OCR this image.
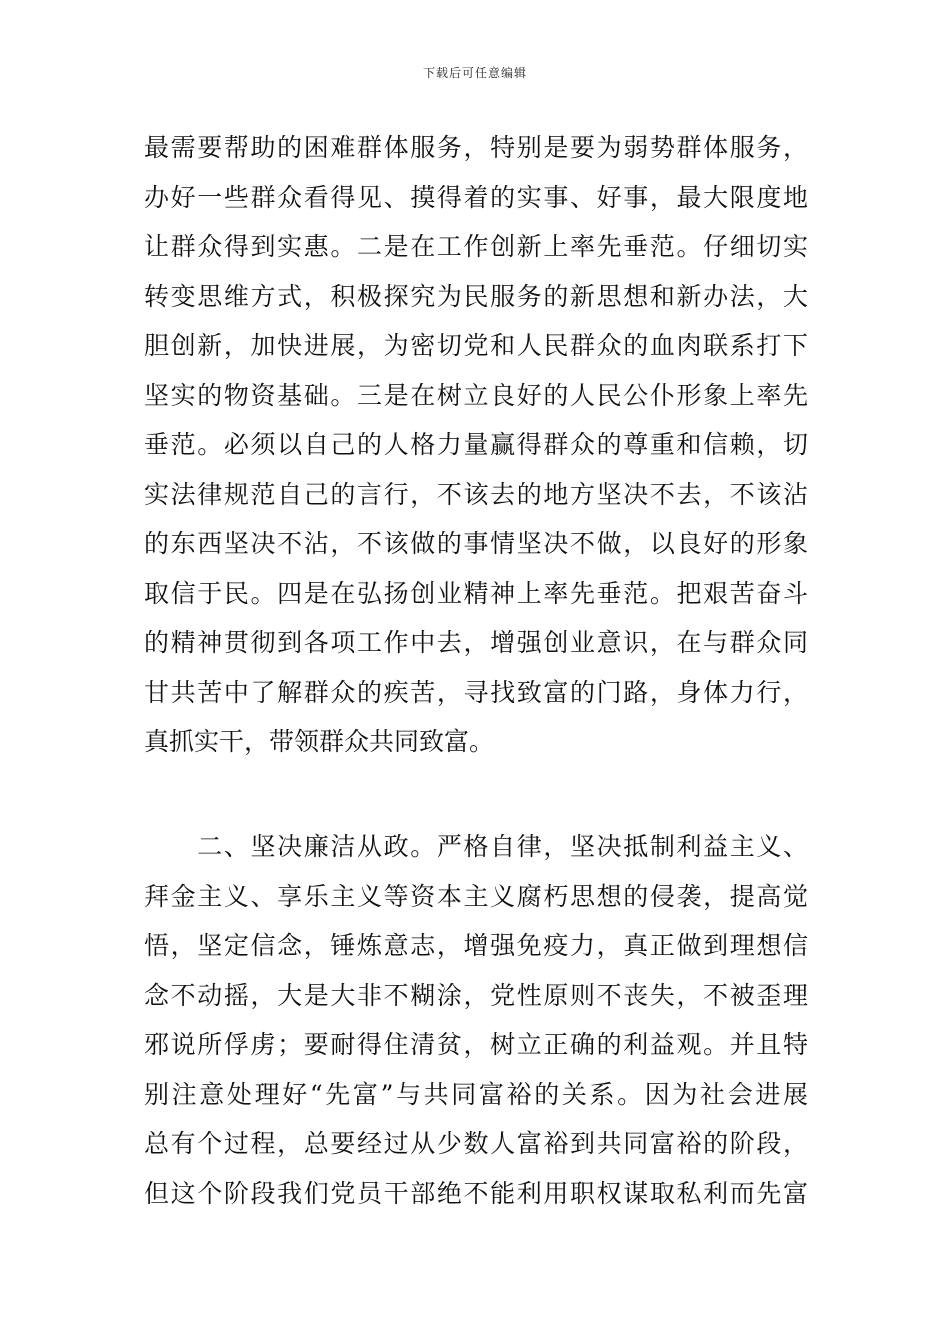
下载后可任意编辑
最需要帮助的困难群体服务，特别是要为弱势群体服务，
办好一些群众看得见、摸得着的实事、好事，最大限度地
让群众得到实惠。二是在工作创新上率先垂范。仔细切实
转变思维方式，积极探究为民服务的新思想和新办法，大
胆创新，加快进展，为密切党和人民群众的血肉联系打下
坚实的物资基础。三是在树立良好的人民公仆形象上率先
垂范。必须以自己的人格力量赢得群众的尊重和信赖，切
实法律规范自己的言行，不该去的地方坚决不去，不该沾
的东西坚决不沾，不该做的事情坚决不做，以良好的形象
取信于民。四是在弘扬创业精神上率先垂范。把艰苦奋斗
的精神贯彻到各项工作中去，增强创业意识，在与群众同
甘共苦中了解群众的疾苦，寻找致富的门路，身体力行，
真抓实干，带领群众共同致富。
　　二、坚决廉洁从政。严格自律，坚决抵制利益主义、
拜金主义、享乐主义等资本主义腐朽思想的侵袭，提高觉
悟，坚定信念，锤炼意志，增强免疫力，真正做到理想信
念不动摇，大是大非不糊涂，党性原则不丧失，不被歪理
邪说所俘虏；要耐得住清贫，树立正确的利益观。并且特
别注意处理好“先富”与共同富裕的关系。因为社会进展
总有个过程，总要经过从少数人富裕到共同富裕的阶段，
但这个阶段我们党员干部绝不能利用职权谋取私利而先富
